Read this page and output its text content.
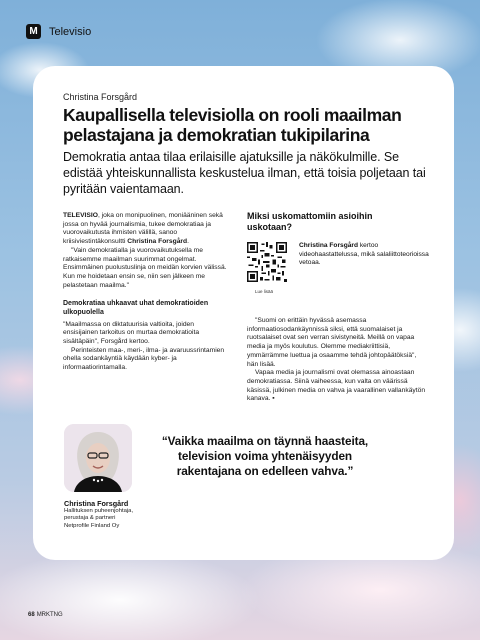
M Televisio
Christina Forsgård
Kaupallisella televisiolla on rooli maailman pelastajana ja demokratian tukipilarina

Demokratia antaa tilaa erilaisille ajatuksille ja näkökulmille. Se edistää yhteiskunnallista keskustelua ilman, että toisia poljetaan tai pyritään vaientamaan.

TELEVISIO, joka on monipuolinen, moniääninen sekä jossa on hyvää journalismia, tukee demokratiaa ja vuorovaikutusta ihmisten välillä, sanoo kriisiviestintäkonsultti Christina Forsgård.

"Vain demokratialla ja vuorovaikutuksella me ratkaisemme maailman suurimmat ongelmat. Ensimmäinen puolustuslinja on meidän korvien välissä. Kun me hoidetaan ensin se, niin sen jälkeen me pelastetaan maailma."

Demokratiaa uhkaavat uhat demokratioiden ulkopuolella

"Maailmassa on diktatuurisia valtioita, joiden ensisijainen tarkoitus on murtaa demokratioita sisältäpäin", Forsgård kertoo.

Perinteisten maa-, meri-, ilma- ja avaruussrintamien ohella sodankäyntiä käydään kyber- ja informaatiorintamalla.

Miksi uskomattomiin asioihin uskotaan?
Lue lisää

Christina Forsgård kertoo videohaastattelussa, mikä salaliittoteorioissa vetoaa.

"Suomi on erittäin hyvässä asemassa informaatiosodankäynnissä siksi, että suomalaiset ja ruotsalaiset ovat sen verran sivistyneitä. Meillä on vapaa media ja myös koulutus. Olemme mediakriittisiä, ymmärrämme luettua ja osaamme tehdä johtopäätöksiä", hän lisää.

Vapaa media ja journalismi ovat olemassa ainoastaan demokratiassa. Siinä vaiheessa, kun valta on väärissä käsissä, julkinen media on vahva ja vaarallinen vallankäytön kanava. ▪

“Vaikka maailma on täynnä haasteita, television voima yhtenäisyyden rakentajana on edelleen vahva.”

Christina Forsgård
Hallituksen puheenjohtaja,
perustaja & partneri
Netprofile Finland Oy
68 MRKTNG
